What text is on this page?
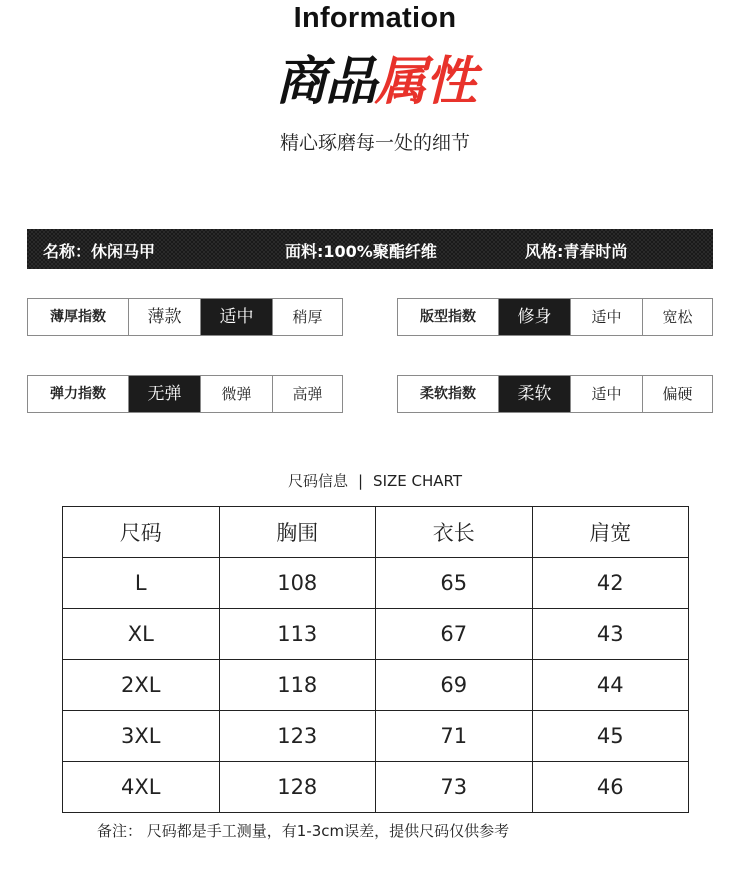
Information
商品属性
精心琢磨每一处的细节
名称：休闲马甲	面料:100%聚酯纤维	风格:青春时尚
薄厚指数	薄款	适中	稍厚	版型指数	修身	适中	宽松
弹力指数	无弹	微弹	高弹	柔软指数	柔软	适中	偏硬
尺码信息 | SIZE CHART
尺码	胸围	衣长	肩宽
L	108	65	42
XL	113	67	43
2XL	118	69	44
3XL	123	71	45
4XL	128	73	46
备注： 尺码都是手工测量，有1-3cm误差，提供尺码仅供参考
